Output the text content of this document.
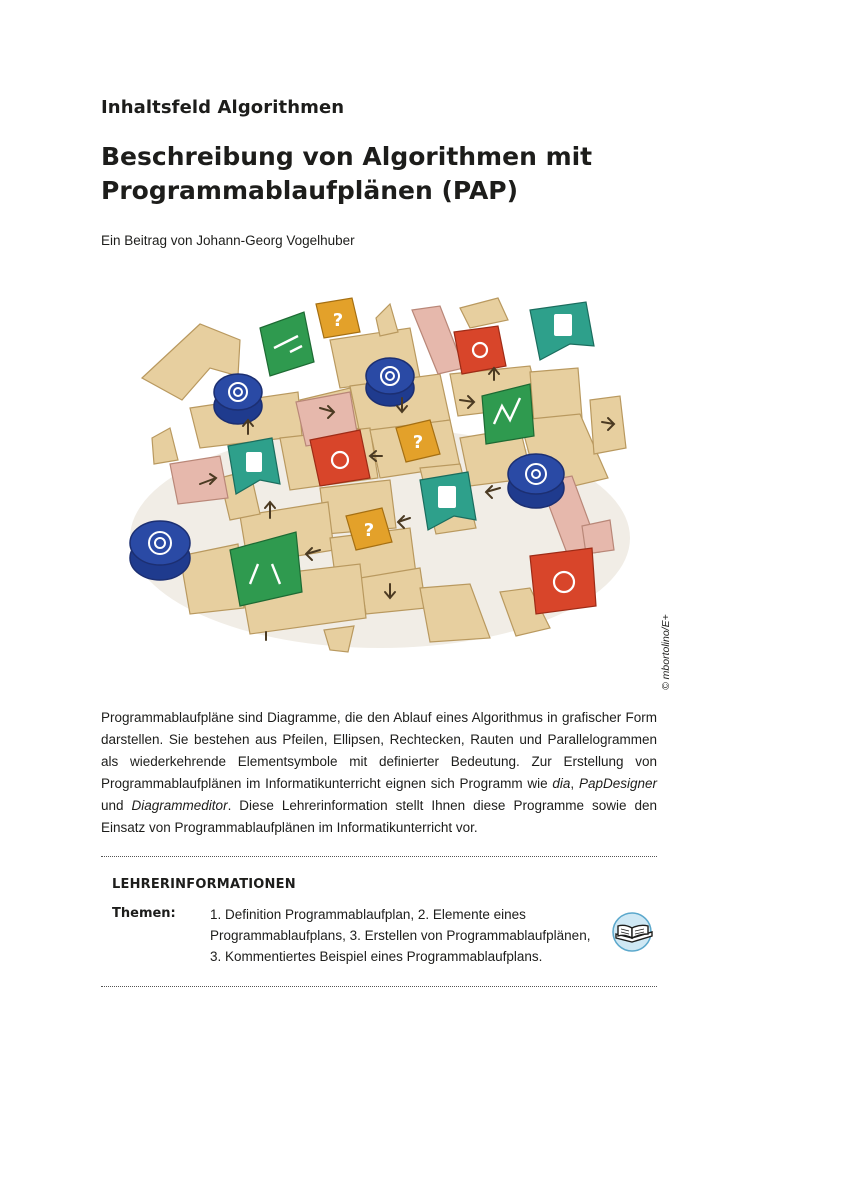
Inhaltsfeld Algorithmen
Beschreibung von Algorithmen mit Programmablaufplänen (PAP)
Ein Beitrag von Johann-Georg Vogelhuber
?
?
?
© mbortolino/E+

Programmablaufpläne sind Diagramme, die den Ablauf eines Algorithmus in grafischer Form darstellen. Sie bestehen aus Pfeilen, Ellipsen, Rechtecken, Rauten und Parallelogrammen als wiederkehrende Elementsymbole mit definierter Bedeutung. Zur Erstellung von Programmablaufplänen im Informatikunterricht eignen sich Programm wie dia, PapDesigner und Diagrammeditor. Diese Lehrerinformation stellt Ihnen diese Programme sowie den Einsatz von Programmablaufplänen im Informatikunterricht vor.

LEHRERINFORMATIONEN
Themen:	1. Definition Programmablaufplan, 2. Elemente eines Programmablaufplans, 3. Erstellen von Programmablaufplänen, 3. Kommentiertes Beispiel eines Programmablaufplans.
